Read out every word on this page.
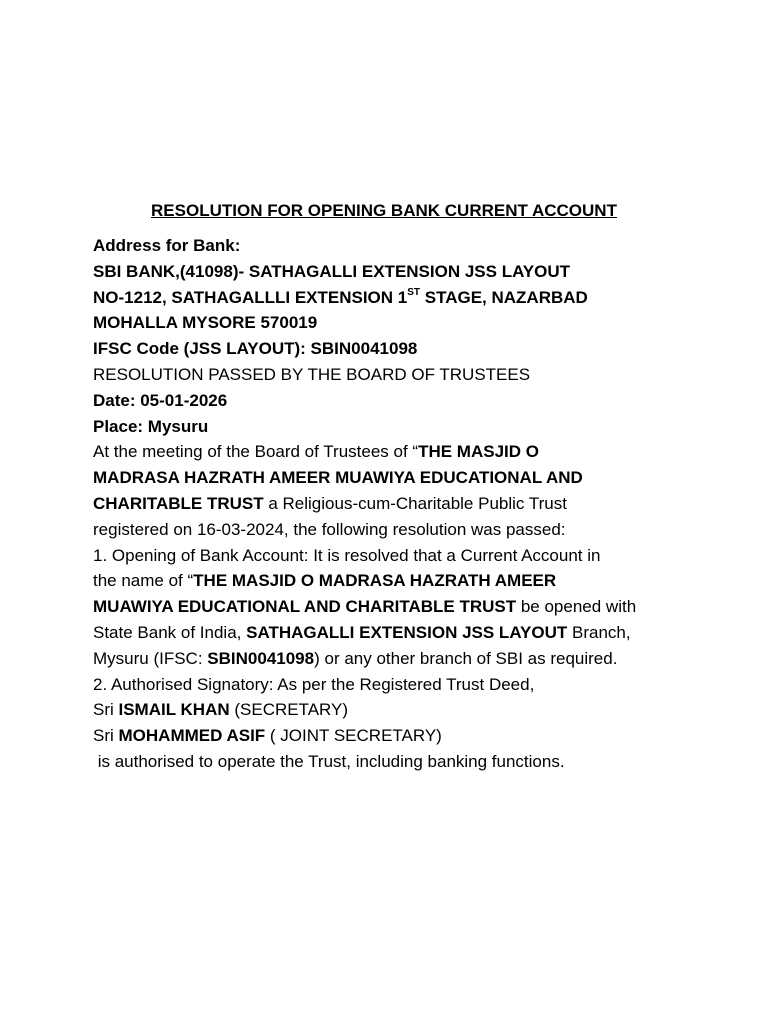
RESOLUTION FOR OPENING BANK CURRENT ACCOUNT

Address for Bank:

SBI BANK,(41098)- SATHAGALLI EXTENSION JSS LAYOUT

NO-1212, SATHAGALLLI EXTENSION 1ST STAGE, NAZARBAD

MOHALLA MYSORE 570019

IFSC Code (JSS LAYOUT): SBIN0041098

RESOLUTION PASSED BY THE BOARD OF TRUSTEES

Date: 05-01-2026

Place: Mysuru

At the meeting of the Board of Trustees of “THE MASJID O

MADRASA HAZRATH AMEER MUAWIYA EDUCATIONAL AND

CHARITABLE TRUST a Religious-cum-Charitable Public Trust

registered on 16-03-2024, the following resolution was passed:

1. Opening of Bank Account: It is resolved that a Current Account in

the name of “THE MASJID O MADRASA HAZRATH AMEER

MUAWIYA EDUCATIONAL AND CHARITABLE TRUST be opened with

State Bank of India, SATHAGALLI EXTENSION JSS LAYOUT Branch,

Mysuru (IFSC: SBIN0041098) or any other branch of SBI as required.

2. Authorised Signatory: As per the Registered Trust Deed,

Sri ISMAIL KHAN (SECRETARY)

Sri MOHAMMED ASIF ( JOINT SECRETARY)

is authorised to operate the Trust, including banking functions.
